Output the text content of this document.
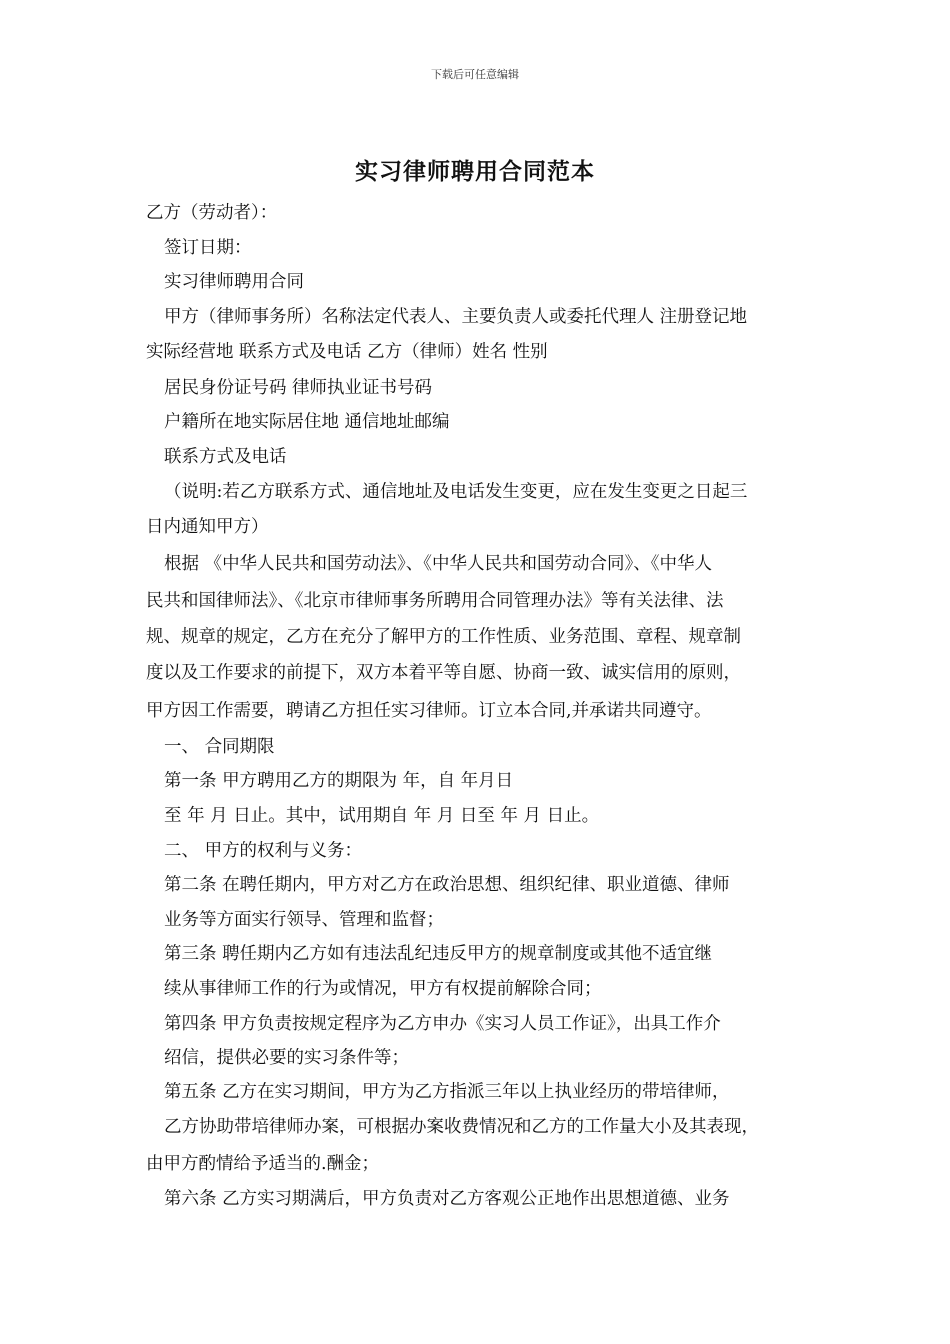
下载后可任意编辑
实习律师聘用合同范本
乙方（劳动者）：
签订日期：
实习律师聘用合同
甲方（律师事务所）名称法定代表人、主要负责人或委托代理人 注册登记地
实际经营地 联系方式及电话 乙方（律师）姓名 性别
居民身份证号码 律师执业证书号码
户籍所在地实际居住地 通信地址邮编
联系方式及电话
（说明:若乙方联系方式、通信地址及电话发生变更，应在发生变更之日起三
日内通知甲方）
根据 《中华人民共和国劳动法》、《中华人民共和国劳动合同》、《中华人
民共和国律师法》、《北京市律师事务所聘用合同管理办法》等有关法律、法
规、规章的规定，乙方在充分了解甲方的工作性质、业务范围、章程、规章制
度以及工作要求的前提下，双方本着平等自愿、协商一致、诚实信用的原则，
甲方因工作需要，聘请乙方担任实习律师。订立本合同,并承诺共同遵守。
一、 合同期限
第一条 甲方聘用乙方的期限为 年，自 年月日
至 年 月 日止。其中，试用期自 年 月 日至 年 月 日止。
二、 甲方的权利与义务：
第二条 在聘任期内，甲方对乙方在政治思想、组织纪律、职业道德、律师
业务等方面实行领导、管理和监督；
第三条 聘任期内乙方如有违法乱纪违反甲方的规章制度或其他不适宜继
续从事律师工作的行为或情况，甲方有权提前解除合同；
第四条 甲方负责按规定程序为乙方申办《实习人员工作证》，出具工作介
绍信，提供必要的实习条件等；
第五条 乙方在实习期间，甲方为乙方指派三年以上执业经历的带培律师，
乙方协助带培律师办案，可根据办案收费情况和乙方的工作量大小及其表现，
由甲方酌情给予适当的.酬金；
第六条 乙方实习期满后，甲方负责对乙方客观公正地作出思想道德、业务
